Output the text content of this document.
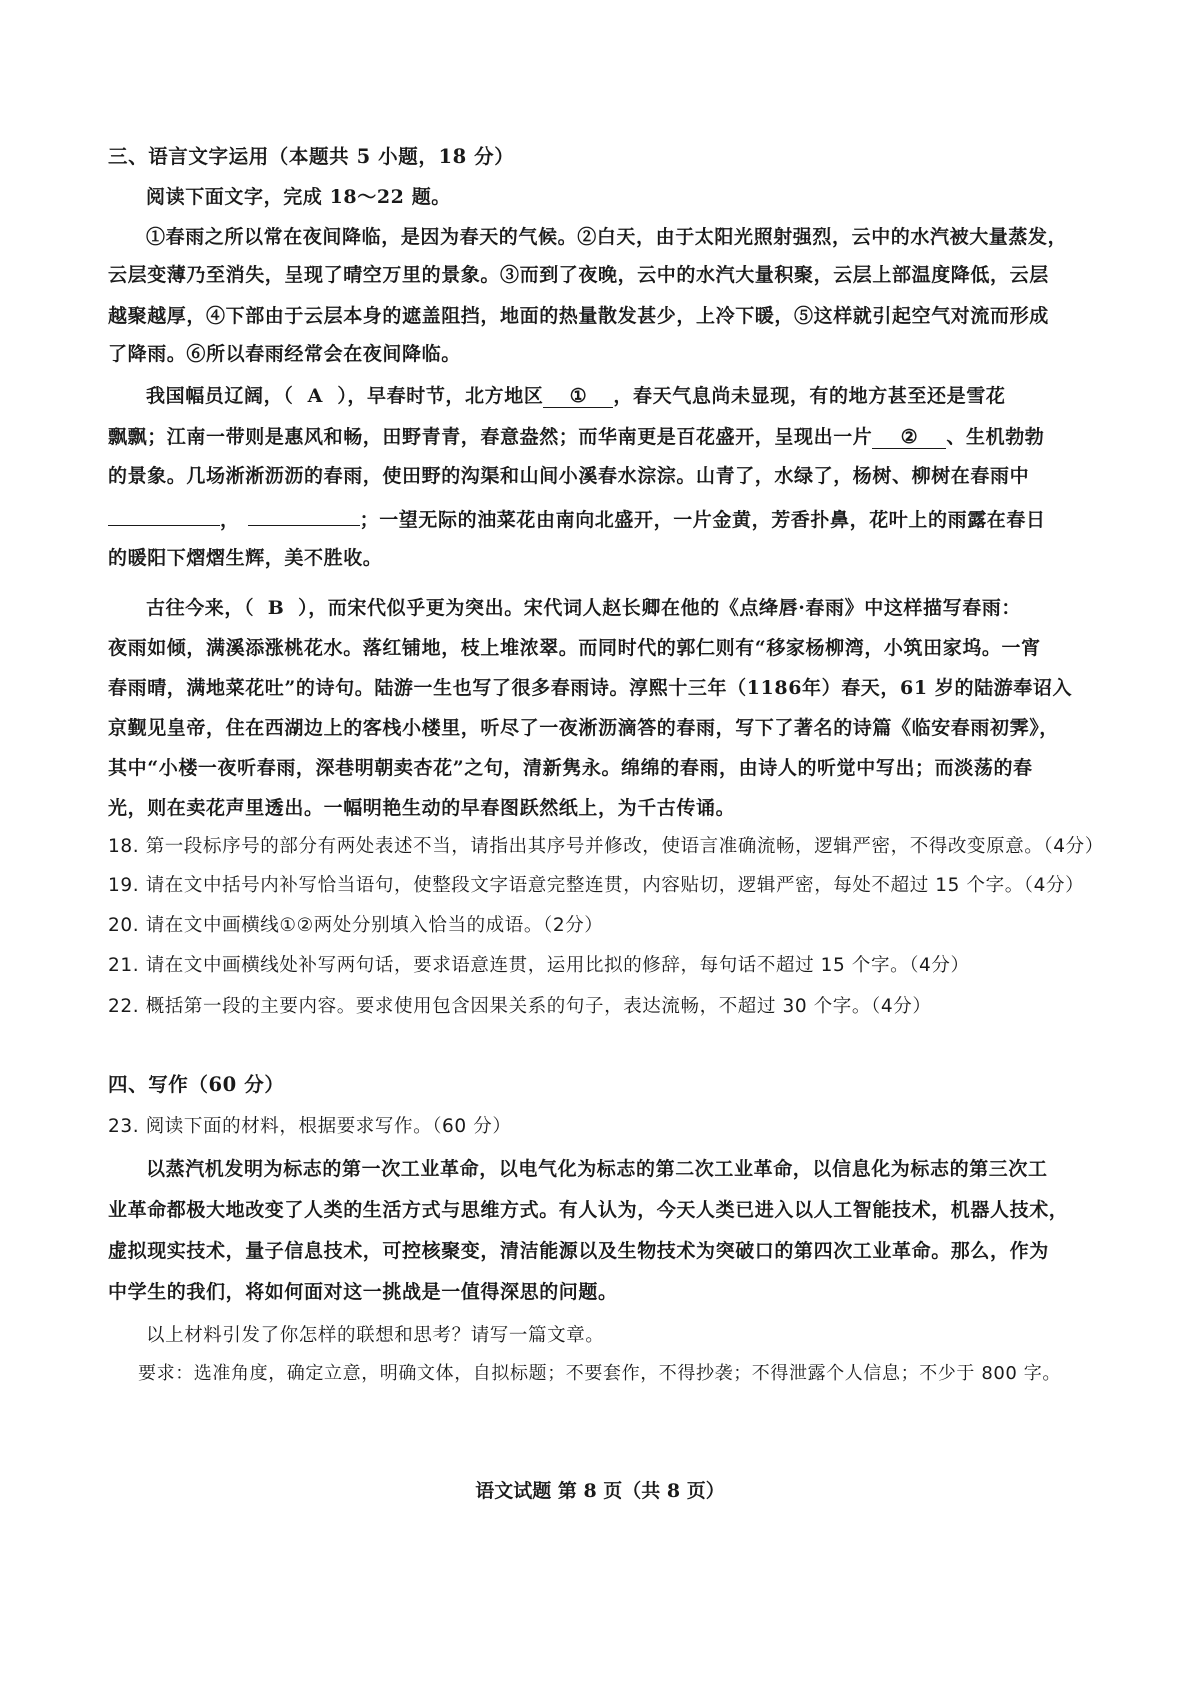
三、语言文字运用（本题共 5 小题，18 分）
阅读下面文字，完成 18～22 题。
①春雨之所以常在夜间降临，是因为春天的气候。②白天，由于太阳光照射强烈，云中的水汽被大量蒸发，
云层变薄乃至消失，呈现了晴空万里的景象。③而到了夜晚，云中的水汽大量积聚，云层上部温度降低，云层
越聚越厚，④下部由于云层本身的遮盖阻挡，地面的热量散发甚少，上冷下暖，⑤这样就引起空气对流而形成
了降雨。⑥所以春雨经常会在夜间降临。
我国幅员辽阔，（ A ），早春时节，北方地区 ① ，春天气息尚未显现，有的地方甚至还是雪花
飘飘；江南一带则是惠风和畅，田野青青，春意盎然；而华南更是百花盛开，呈现出一片 ② 、生机勃勃
的景象。几场淅淅沥沥的春雨，使田野的沟渠和山间小溪春水淙淙。山青了，水绿了，杨树、柳树在春雨中
，	；一望无际的油菜花由南向北盛开，一片金黄，芳香扑鼻，花叶上的雨露在春日
的暖阳下熠熠生辉，美不胜收。
古往今来，（ B ），而宋代似乎更为突出。宋代词人赵长卿在他的《点绛唇·春雨》中这样描写春雨：
夜雨如倾，满溪添涨桃花水。落红铺地，枝上堆浓翠。而同时代的郭仁则有“移家杨柳湾，小筑田家坞。一宵
春雨晴，满地菜花吐”的诗句。陆游一生也写了很多春雨诗。淳熙十三年（1186年）春天，61 岁的陆游奉诏入
京觐见皇帝，住在西湖边上的客栈小楼里，听尽了一夜淅沥滴答的春雨，写下了著名的诗篇《临安春雨初霁》，
其中“小楼一夜听春雨，深巷明朝卖杏花”之句，清新隽永。绵绵的春雨，由诗人的听觉中写出；而淡荡的春
光，则在卖花声里透出。一幅明艳生动的早春图跃然纸上，为千古传诵。
18. 第一段标序号的部分有两处表述不当，请指出其序号并修改，使语言准确流畅，逻辑严密，不得改变原意。（4分）
19. 请在文中括号内补写恰当语句，使整段文字语意完整连贯，内容贴切，逻辑严密，每处不超过 15 个字。（4分）
20. 请在文中画横线①②两处分别填入恰当的成语。（2分）
21. 请在文中画横线处补写两句话，要求语意连贯，运用比拟的修辞，每句话不超过 15 个字。（4分）
22. 概括第一段的主要内容。要求使用包含因果关系的句子，表达流畅，不超过 30 个字。（4分）
四、写作（60 分）
23. 阅读下面的材料，根据要求写作。（60 分）
以蒸汽机发明为标志的第一次工业革命，以电气化为标志的第二次工业革命，以信息化为标志的第三次工
业革命都极大地改变了人类的生活方式与思维方式。有人认为，今天人类已进入以人工智能技术，机器人技术，
虚拟现实技术，量子信息技术，可控核聚变，清洁能源以及生物技术为突破口的第四次工业革命。那么，作为
中学生的我们，将如何面对这一挑战是一值得深思的问题。
以上材料引发了你怎样的联想和思考？请写一篇文章。
要求：选准角度，确定立意，明确文体，自拟标题；不要套作，不得抄袭；不得泄露个人信息；不少于 800 字。
语文试题 第 8 页（共 8 页）
